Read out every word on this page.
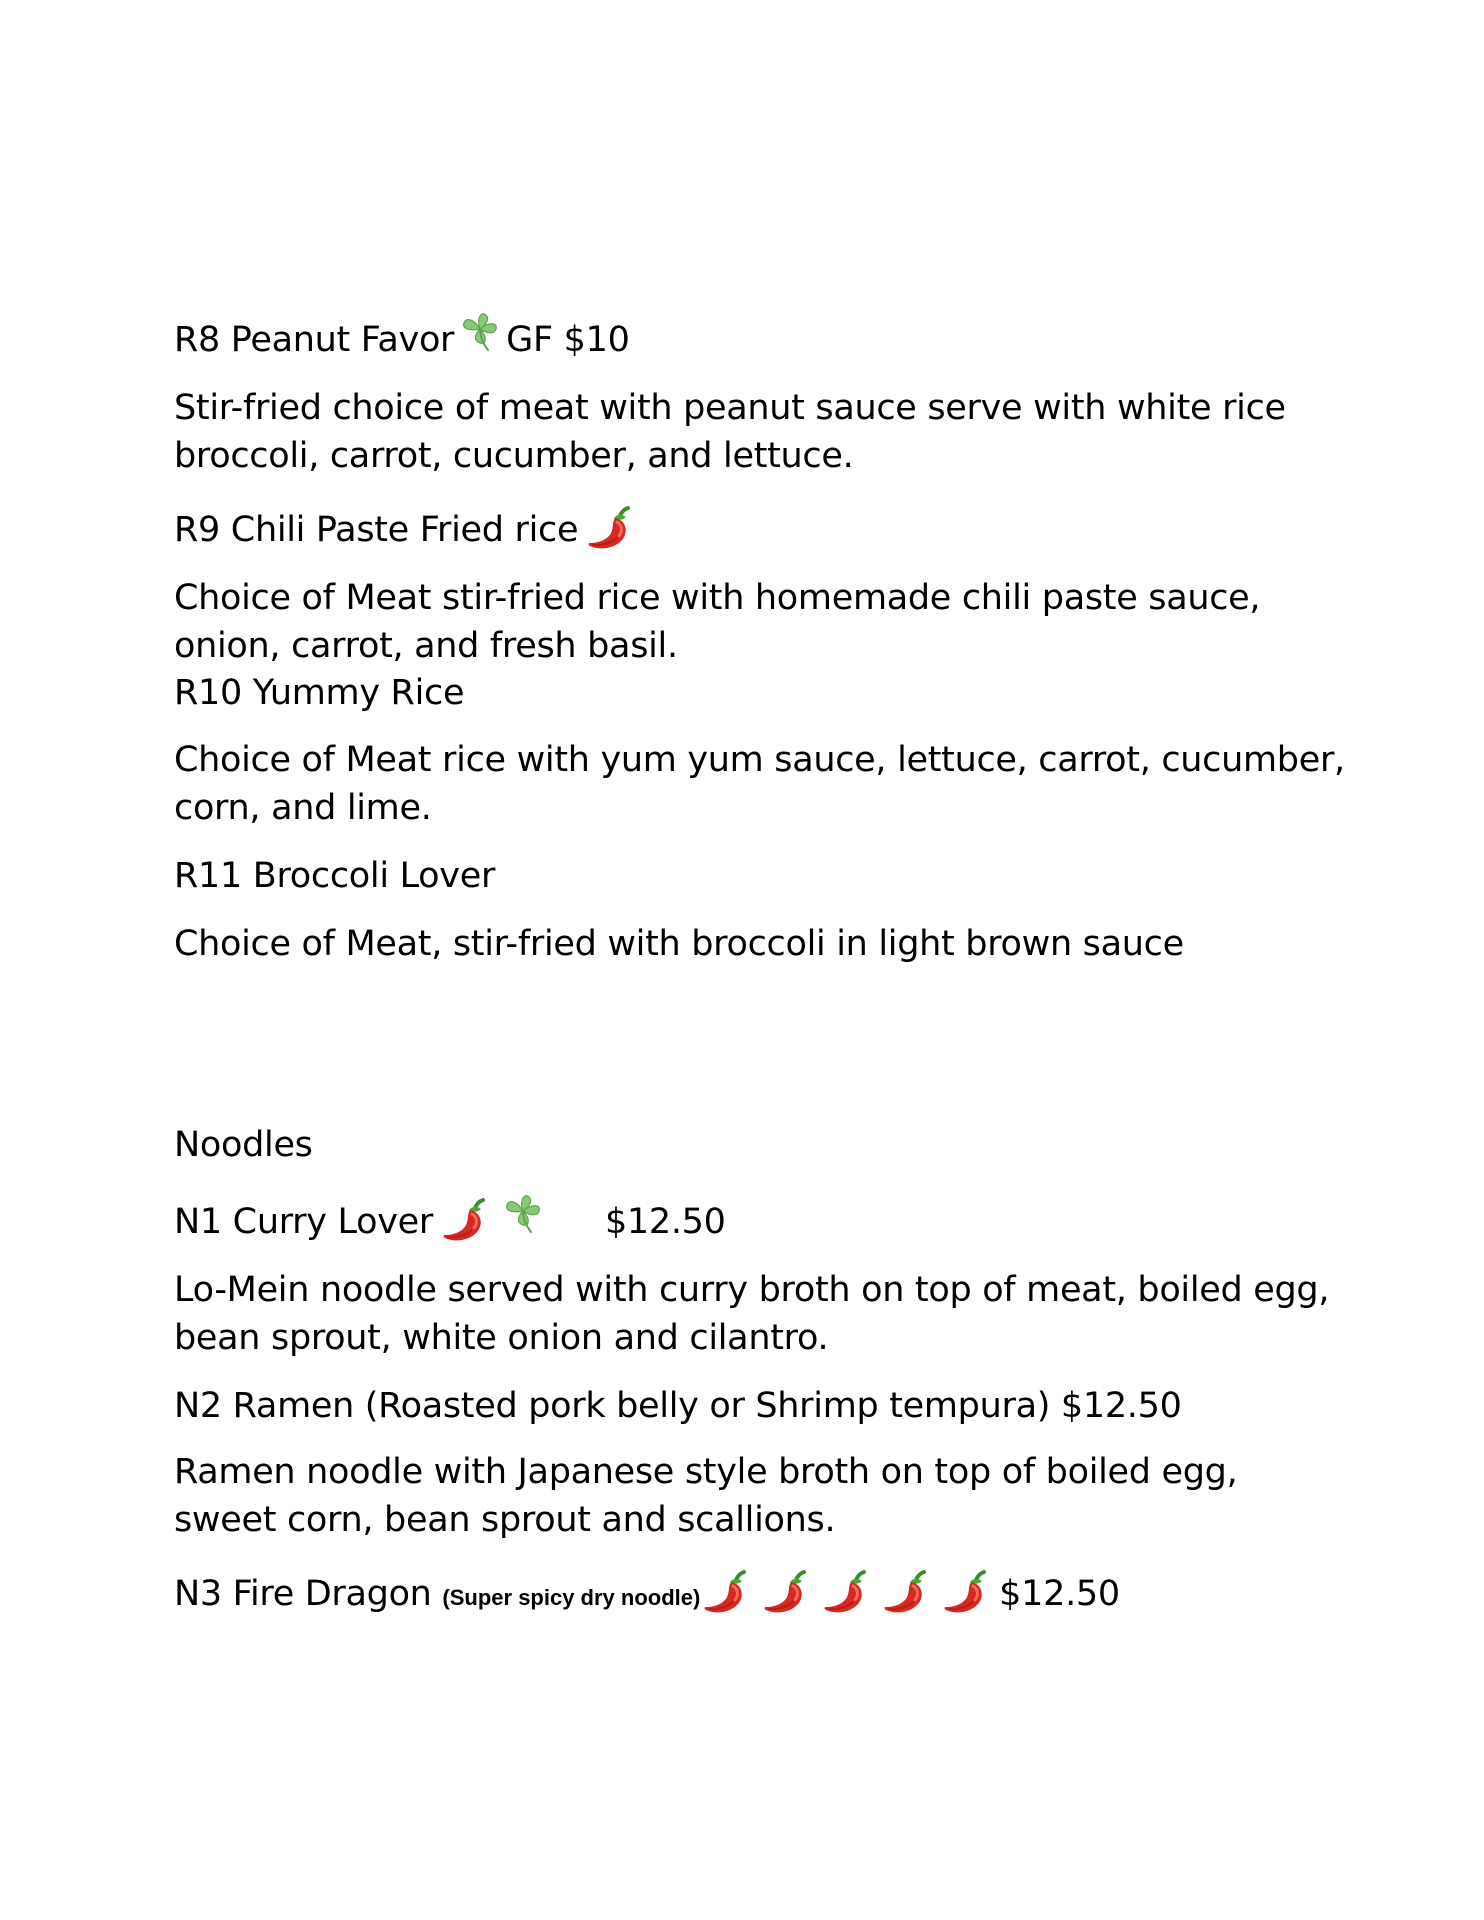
R8 Peanut Favor GF $10
Stir-fried choice of meat with peanut sauce serve with white rice
broccoli, carrot, cucumber, and lettuce.
R9 Chili Paste Fried rice
Choice of Meat stir-fried rice with homemade chili paste sauce,
onion, carrot, and fresh basil.
R10 Yummy Rice
Choice of Meat rice with yum yum sauce, lettuce, carrot, cucumber,
corn, and lime.
R11 Broccoli Lover
Choice of Meat, stir-fried with broccoli in light brown sauce
Noodles
N1 Curry Lover	$12.50
Lo-Mein noodle served with curry broth on top of meat, boiled egg,
bean sprout, white onion and cilantro.
N2 Ramen (Roasted pork belly or Shrimp tempura) $12.50
Ramen noodle with Japanese style broth on top of boiled egg,
sweet corn, bean sprout and scallions.
N3 Fire Dragon (Super spicy dry noodle)	$12.50
